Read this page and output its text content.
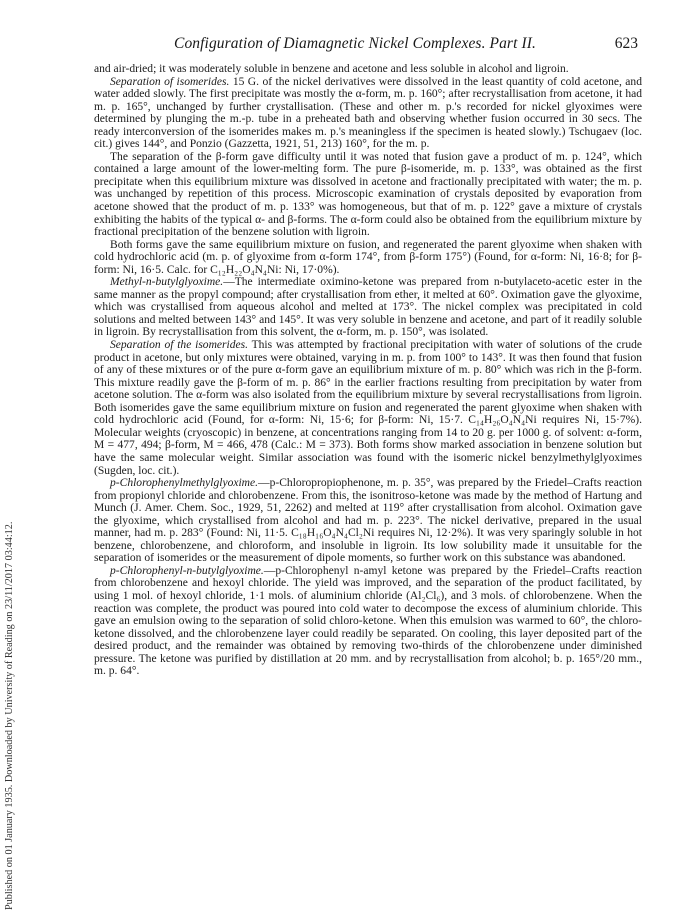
Published on 01 January 1935. Downloaded by University of Reading on 23/11/2017 03:44:12.
Configuration of Diamagnetic Nickel Complexes. Part II.	623

and air-dried; it was moderately soluble in benzene and acetone and less soluble in alcohol and ligroin.

Separation of isomerides. 15 G. of the nickel derivatives were dissolved in the least quantity of cold acetone, and water added slowly. The first precipitate was mostly the α-form, m. p. 160°; after recrystallisation from acetone, it had m. p. 165°, unchanged by further crystallisation. (These and other m. p.'s recorded for nickel glyoximes were determined by plunging the m.-p. tube in a preheated bath and observing whether fusion occurred in 30 secs. The ready interconversion of the isomerides makes m. p.'s meaningless if the specimen is heated slowly.) Tschugaev (loc. cit.) gives 144°, and Ponzio (Gazzetta, 1921, 51, 213) 160°, for the m. p.

The separation of the β-form gave difficulty until it was noted that fusion gave a product of m. p. 124°, which contained a large amount of the lower-melting form. The pure β-isomeride, m. p. 133°, was obtained as the first precipitate when this equilibrium mixture was dissolved in acetone and fractionally precipitated with water; the m. p. was unchanged by repetition of this process. Microscopic examination of crystals deposited by evaporation from acetone showed that the product of m. p. 133° was homogeneous, but that of m. p. 122° gave a mixture of crystals exhibiting the habits of the typical α- and β-forms. The α-form could also be obtained from the equilibrium mixture by fractional precipitation of the benzene solution with ligroin.

Both forms gave the same equilibrium mixture on fusion, and regenerated the parent glyoxime when shaken with cold hydrochloric acid (m. p. of glyoxime from α-form 174°, from β-form 175°) (Found, for α-form: Ni, 16·8; for β-form: Ni, 16·5. Calc. for C₁₂H₂₂O₄N₄Ni: Ni, 17·0%).

Methyl-n-butylglyoxime.—The intermediate oximino-ketone was prepared from n-butylaceto-acetic ester in the same manner as the propyl compound; after crystallisation from ether, it melted at 60°. Oximation gave the glyoxime, which was crystallised from aqueous alcohol and melted at 173°. The nickel complex was precipitated in cold solutions and melted between 143° and 145°. It was very soluble in benzene and acetone, and part of it readily soluble in ligroin. By recrystallisation from this solvent, the α-form, m. p. 150°, was isolated.

Separation of the isomerides. This was attempted by fractional precipitation with water of solutions of the crude product in acetone, but only mixtures were obtained, varying in m. p. from 100° to 143°. It was then found that fusion of any of these mixtures or of the pure α-form gave an equilibrium mixture of m. p. 80° which was rich in the β-form. This mixture readily gave the β-form of m. p. 86° in the earlier fractions resulting from precipitation by water from acetone solution. The α-form was also isolated from the equilibrium mixture by several recrystallisations from ligroin. Both isomerides gave the same equilibrium mixture on fusion and regenerated the parent glyoxime when shaken with cold hydrochloric acid (Found, for α-form: Ni, 15·6; for β-form: Ni, 15·7. C₁₄H₂₆O₄N₄Ni requires Ni, 15·7%). Molecular weights (cryoscopic) in benzene, at concentrations ranging from 14 to 20 g. per 1000 g. of solvent: α-form, M = 477, 494; β-form, M = 466, 478 (Calc.: M = 373). Both forms show marked association in benzene solution but have the same molecular weight. Similar association was found with the isomeric nickel benzylmethylglyoximes (Sugden, loc. cit.).

p-Chlorophenylmethylglyoxime.—p-Chloropropiophenone, m. p. 35°, was prepared by the Friedel–Crafts reaction from propionyl chloride and chlorobenzene. From this, the isonitroso-ketone was made by the method of Hartung and Munch (J. Amer. Chem. Soc., 1929, 51, 2262) and melted at 119° after crystallisation from alcohol. Oximation gave the glyoxime, which crystallised from alcohol and had m. p. 223°. The nickel derivative, prepared in the usual manner, had m. p. 283° (Found: Ni, 11·5. C₁₈H₁₆O₄N₄Cl₂Ni requires Ni, 12·2%). It was very sparingly soluble in hot benzene, chlorobenzene, and chloroform, and insoluble in ligroin. Its low solubility made it unsuitable for the separation of isomerides or the measurement of dipole moments, so further work on this substance was abandoned.

p-Chlorophenyl-n-butylglyoxime.—p-Chlorophenyl n-amyl ketone was prepared by the Friedel–Crafts reaction from chlorobenzene and hexoyl chloride. The yield was improved, and the separation of the product facilitated, by using 1 mol. of hexoyl chloride, 1·1 mols. of aluminium chloride (Al₂Cl₆), and 3 mols. of chlorobenzene. When the reaction was complete, the product was poured into cold water to decompose the excess of aluminium chloride. This gave an emulsion owing to the separation of solid chloro-ketone. When this emulsion was warmed to 60°, the chloro-ketone dissolved, and the chlorobenzene layer could readily be separated. On cooling, this layer deposited part of the desired product, and the remainder was obtained by removing two-thirds of the chlorobenzene under diminished pressure. The ketone was purified by distillation at 20 mm. and by recrystallisation from alcohol; b. p. 165°/20 mm., m. p. 64°.
